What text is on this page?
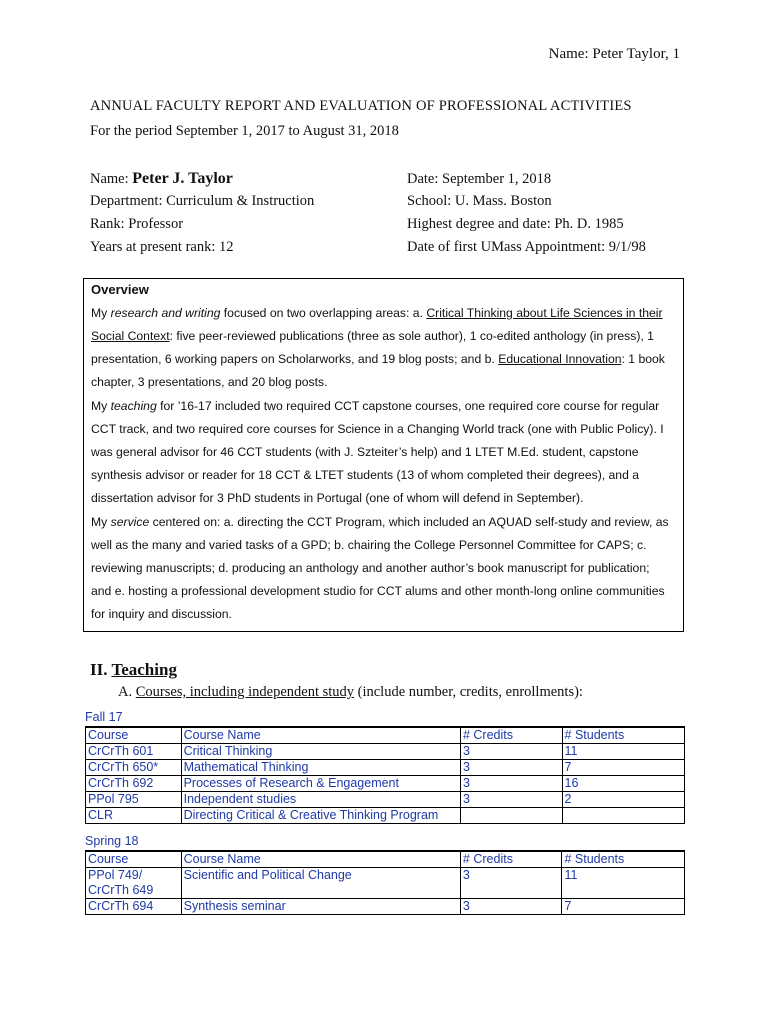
Name: Peter Taylor, 1
ANNUAL FACULTY REPORT AND EVALUATION OF PROFESSIONAL ACTIVITIES
For the period September 1, 2017 to August 31, 2018
Name: Peter J. Taylor	Date: September 1, 2018
Department: Curriculum & Instruction	School: U. Mass. Boston
Rank: Professor	Highest degree and date: Ph. D. 1985
Years at present rank: 12	Date of first UMass Appointment: 9/1/98
Overview
My research and writing focused on two overlapping areas: a. Critical Thinking about Life Sciences in their
Social Context: five peer-reviewed publications (three as sole author), 1 co-edited anthology (in press), 1
presentation, 6 working papers on Scholarworks, and 19 blog posts; and b. Educational Innovation: 1 book
chapter, 3 presentations, and 20 blog posts.
My teaching for ’16-17 included two required CCT capstone courses, one required core course for regular
CCT track, and two required core courses for Science in a Changing World track (one with Public Policy). I
was general advisor for 46 CCT students (with J. Szteiter’s help) and 1 LTET M.Ed. student, capstone
synthesis advisor or reader for 18 CCT & LTET students (13 of whom completed their degrees), and a
dissertation advisor for 3 PhD students in Portugal (one of whom will defend in September).
My service centered on: a. directing the CCT Program, which included an AQUAD self-study and review, as
well as the many and varied tasks of a GPD; b. chairing the College Personnel Committee for CAPS; c.
reviewing manuscripts; d. producing an anthology and another author’s book manuscript for publication;
and e. hosting a professional development studio for CCT alums and other month-long online communities
for inquiry and discussion.
II. Teaching
A. Courses, including independent study (include number, credits, enrollments):
Fall 17
Course	Course Name	# Credits	# Students
CrCrTh 601	Critical Thinking	3	11
CrCrTh 650*	Mathematical Thinking	3	7
CrCrTh 692	Processes of Research & Engagement	3	16
PPol 795	Independent studies	3	2
CLR	Directing Critical & Creative Thinking Program		
Spring 18
Course	Course Name	# Credits	# Students
PPol 749/
CrCrTh 649	Scientific and Political Change	3	11
CrCrTh 694	Synthesis seminar	3	7
